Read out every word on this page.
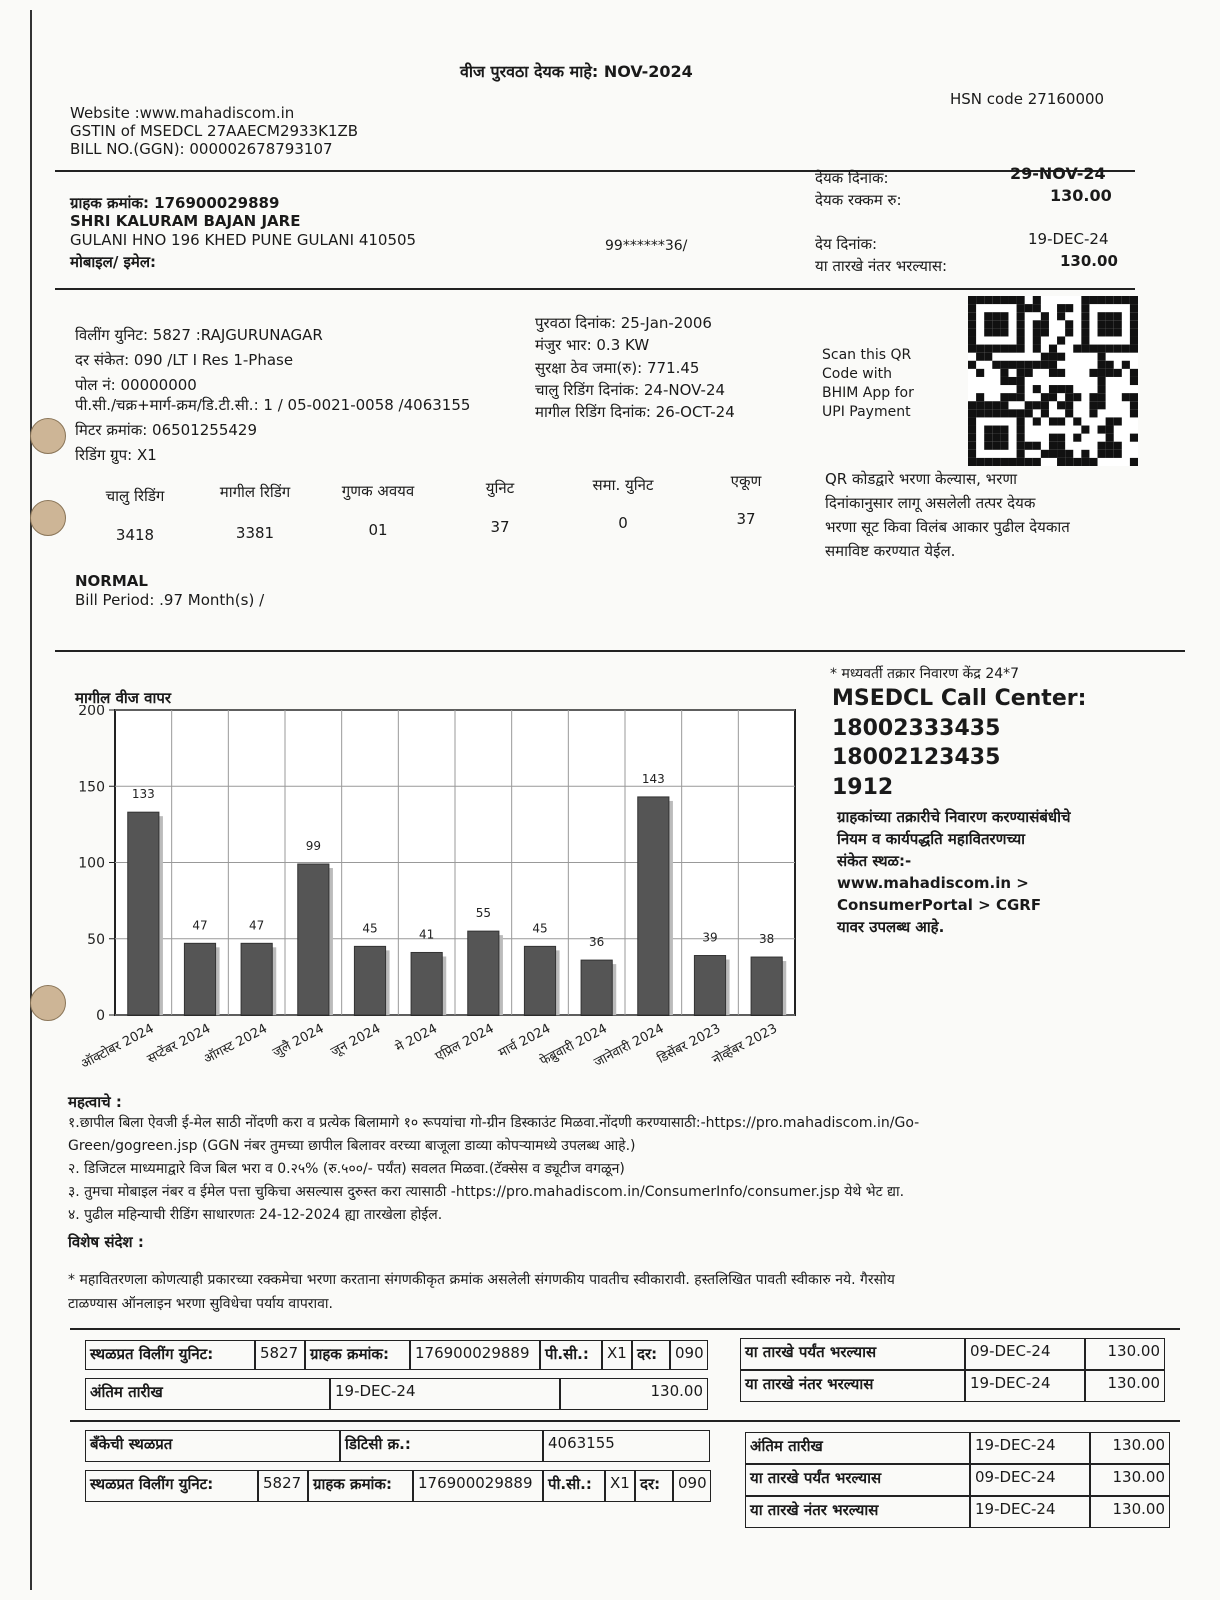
वीज पुरवठा देयक माहे: NOV-2024
Website :www.mahadiscom.in
GSTIN of MSEDCL 27AAECM2933K1ZB
BILL NO.(GGN): 000002678793107
HSN code 27160000
ग्राहक क्रमांक: 176900029889
SHRI KALURAM BAJAN JARE
GULANI HNO 196 KHED PUNE GULANI 410505
मोबाइल/ इमेल:
99******36/
देयक दिनांक:	29-NOV-24
देयक रक्कम रु:	130.00
देय दिनांक:	19-DEC-24
या तारखे नंतर भरल्यास:	130.00
विलींग युनिट: 5827 :RAJGURUNAGAR
दर संकेत: 090 /LT I Res 1-Phase
पोल नं: 00000000
पी.सी./चक्र+मार्ग-क्रम/डि.टी.सी.: 1 / 05-0021-0058 /4063155
मिटर क्रमांक: 06501255429
रिडिंग ग्रुप: X1
पुरवठा दिनांक: 25-Jan-2006
मंजुर भार: 0.3 KW
सुरक्षा ठेव जमा(रु): 771.45
चालु रिडिंग दिनांक: 24-NOV-24
मागील रिडिंग दिनांक: 26-OCT-24
Scan this QR
Code with
BHIM App for
UPI Payment
QR कोडद्वारे भरणा केल्यास, भरणा
दिनांकानुसार लागू असलेली तत्पर देयक
भरणा सूट किवा विलंब आकार पुढील देयकात
समाविष्ट करण्यात येईल.
चालु रिडिंग	मागील रिडिंग	गुणक अवयव	युनिट	समा. युनिट	एकूण
3418	3381	01	37	0	37
NORMAL
Bill Period: .97 Month(s) /
मागील वीज वापर
0
50
100
150
200
133
ऑक्टोबर 2024
47
सप्टेंबर 2024
47
ऑगस्ट 2024
99
जुलै 2024
45
जून 2024
41
मे 2024
55
एप्रिल 2024
45
मार्च 2024
36
फेब्रुवारी 2024
143
जानेवारी 2024
39
डिसेंबर 2023
38
नोव्हेंबर 2023
* मध्यवर्ती तक्रार निवारण केंद्र 24*7
MSEDCL Call Center:
18002333435
18002123435
1912
ग्राहकांच्या तक्रारीचे निवारण करण्यासंबंधीचे
नियम व कार्यपद्धति महावितरणच्या
संकेत स्थळ:-
www.mahadiscom.in >
ConsumerPortal > CGRF
यावर उपलब्ध आहे.
महत्वाचे :
१.छापील बिला ऐवजी ई-मेल साठी नोंदणी करा व प्रत्येक बिलामागे १० रूपयांचा गो-ग्रीन डिस्काउंट मिळवा.नोंदणी करण्यासाठी:-https://pro.mahadiscom.in/Go-
Green/gogreen.jsp (GGN नंबर तुमच्या छापील बिलावर वरच्या बाजूला डाव्या कोपऱ्यामध्ये उपलब्ध आहे.)
२. डिजिटल माध्यमाद्वारे विज बिल भरा व 0.२५% (रु.५००/- पर्यंत) सवलत मिळवा.(टॅक्सेस व ड्यूटीज वगळून)
३. तुमचा मोबाइल नंबर व ईमेल पत्ता चुकिचा असल्यास दुरुस्त करा त्यासाठी -https://pro.mahadiscom.in/ConsumerInfo/consumer.jsp येथे भेट द्या.
४. पुढील महिन्याची रीडिंग साधारणतः 24-12-2024 ह्या तारखेला होईल.
विशेष संदेश :
* महावितरणला कोणत्याही प्रकारच्या रक्कमेचा भरणा करताना संगणकीकृत क्रमांक असलेली संगणकीय पावतीच स्वीकारावी. हस्तलिखित पावती स्वीकारु नये. गैरसोय
टाळण्यास ऑनलाइन भरणा सुविधेचा पर्याय वापरावा.
स्थळप्रत विलींग युनिट:	5827 ग्राहक क्रमांक:	176900029889	पी.सी.:	X1 दर:	090
अंतिम तारीख	19-DEC-24	130.00
या तारखे पर्यंत भरल्यास	09-DEC-24	130.00
या तारखे नंतर भरल्यास	19-DEC-24	130.00
बँकेची स्थळप्रत	डिटिसी क्र.:	4063155
स्थळप्रत विलींग युनिट:	5827 ग्राहक क्रमांक:	176900029889	पी.सी.:	X1 दर:	090
अंतिम तारीख	19-DEC-24	130.00
या तारखे पर्यंत भरल्यास	09-DEC-24	130.00
या तारखे नंतर भरल्यास	19-DEC-24	130.00
